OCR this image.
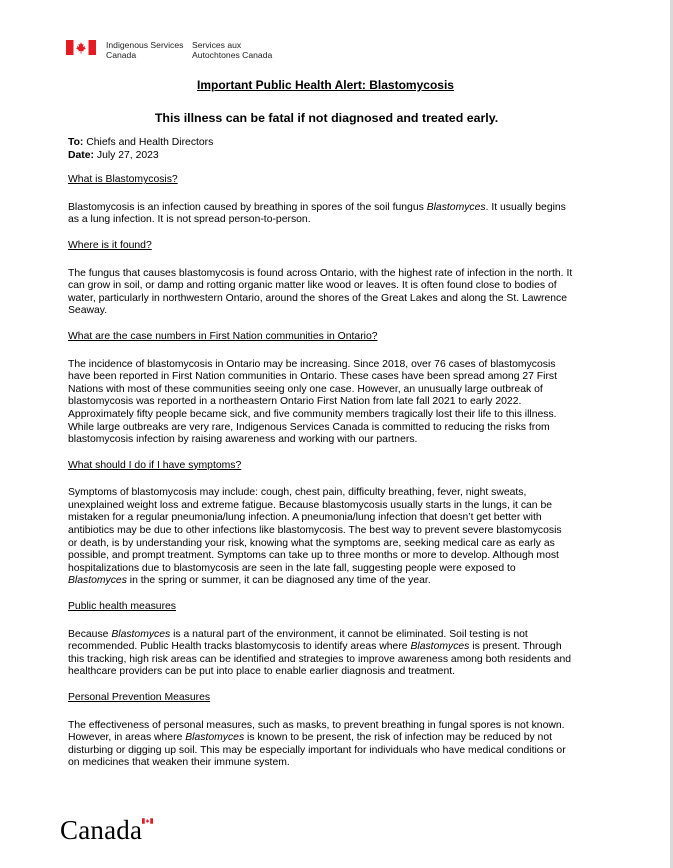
Indigenous Services	Services aux
Canada	Autochtones Canada

Important Public Health Alert: Blastomycosis

This illness can be fatal if not diagnosed and treated early.

To: Chiefs and Health Directors

Date: July 27, 2023

What is Blastomycosis?

Blastomycosis is an infection caused by breathing in spores of the soil fungus Blastomyces. It usually begins as a lung infection. It is not spread person-to-person.

Where is it found?

The fungus that causes blastomycosis is found across Ontario, with the highest rate of infection in the north. It can grow in soil, or damp and rotting organic matter like wood or leaves. It is often found close to bodies of water, particularly in northwestern Ontario, around the shores of the Great Lakes and along the St. Lawrence Seaway.

What are the case numbers in First Nation communities in Ontario?

The incidence of blastomycosis in Ontario may be increasing. Since 2018, over 76 cases of blastomycosis have been reported in First Nation communities in Ontario. These cases have been spread among 27 First Nations with most of these communities seeing only one case. However, an unusually large outbreak of blastomycosis was reported in a northeastern Ontario First Nation from late fall 2021 to early 2022. Approximately fifty people became sick, and five community members tragically lost their life to this illness. While large outbreaks are very rare, Indigenous Services Canada is committed to reducing the risks from blastomycosis infection by raising awareness and working with our partners.

What should I do if I have symptoms?

Symptoms of blastomycosis may include: cough, chest pain, difficulty breathing, fever, night sweats, unexplained weight loss and extreme fatigue. Because blastomycosis usually starts in the lungs, it can be mistaken for a regular pneumonia/lung infection. A pneumonia/lung infection that doesn’t get better with antibiotics may be due to other infections like blastomycosis. The best way to prevent severe blastomycosis or death, is by understanding your risk, knowing what the symptoms are, seeking medical care as early as possible, and prompt treatment. Symptoms can take up to three months or more to develop. Although most hospitalizations due to blastomycosis are seen in the late fall, suggesting people were exposed to Blastomyces in the spring or summer, it can be diagnosed any time of the year.

Public health measures

Because Blastomyces is a natural part of the environment, it cannot be eliminated. Soil testing is not recommended. Public Health tracks blastomycosis to identify areas where Blastomyces is present. Through this tracking, high risk areas can be identified and strategies to improve awareness among both residents and healthcare providers can be put into place to enable earlier diagnosis and treatment.

Personal Prevention Measures

The effectiveness of personal measures, such as masks, to prevent breathing in fungal spores is not known. However, in areas where Blastomyces is known to be present, the risk of infection may be reduced by not disturbing or digging up soil. This may be especially important for individuals who have medical conditions or on medicines that weaken their immune system.

Canada
